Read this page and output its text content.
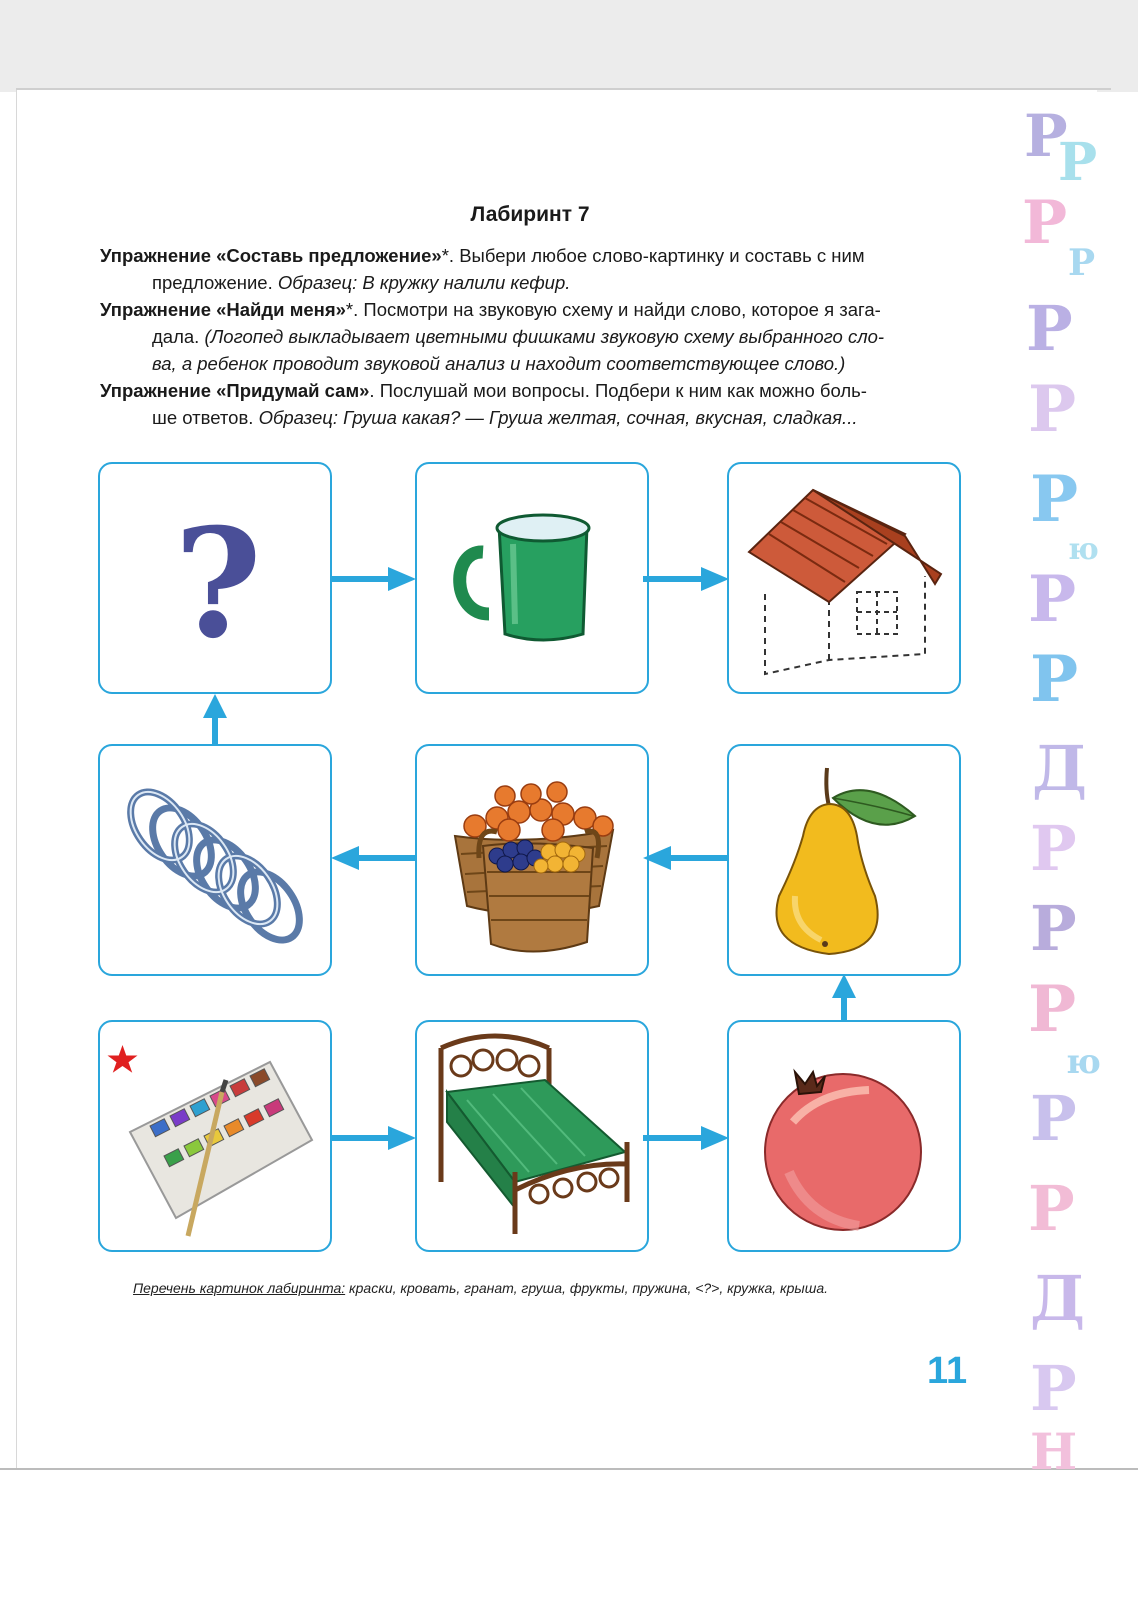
Лабиринт 7
Упражнение «Составь предложение»*. Выбери любое слово-картинку и составь с ним
предложение. Образец: В кружку налили кефир.
Упражнение «Найди меня»*. Посмотри на звуковую схему и найди слово, которое я зага-
дала. (Логопед выкладывает цветными фишками звуковую схему выбранного сло-
ва, а ребенок проводит звуковой анализ и находит соответствующее слово.)
Упражнение «Придумай сам». Послушай мои вопросы. Подбери к ним как можно боль-
ше ответов. Образец: Груша какая? — Груша желтая, сочная, вкусная, сладкая...
?
Перечень картинок лабиринта: краски, кровать, гранат, груша, фрукты, пружина, <?>, кружка, крыша.
11
P
P
P
Р
P
P
P
ю
P
P
Д
Р
Р
Р
ю
Р
Р
Д
Р
Н
